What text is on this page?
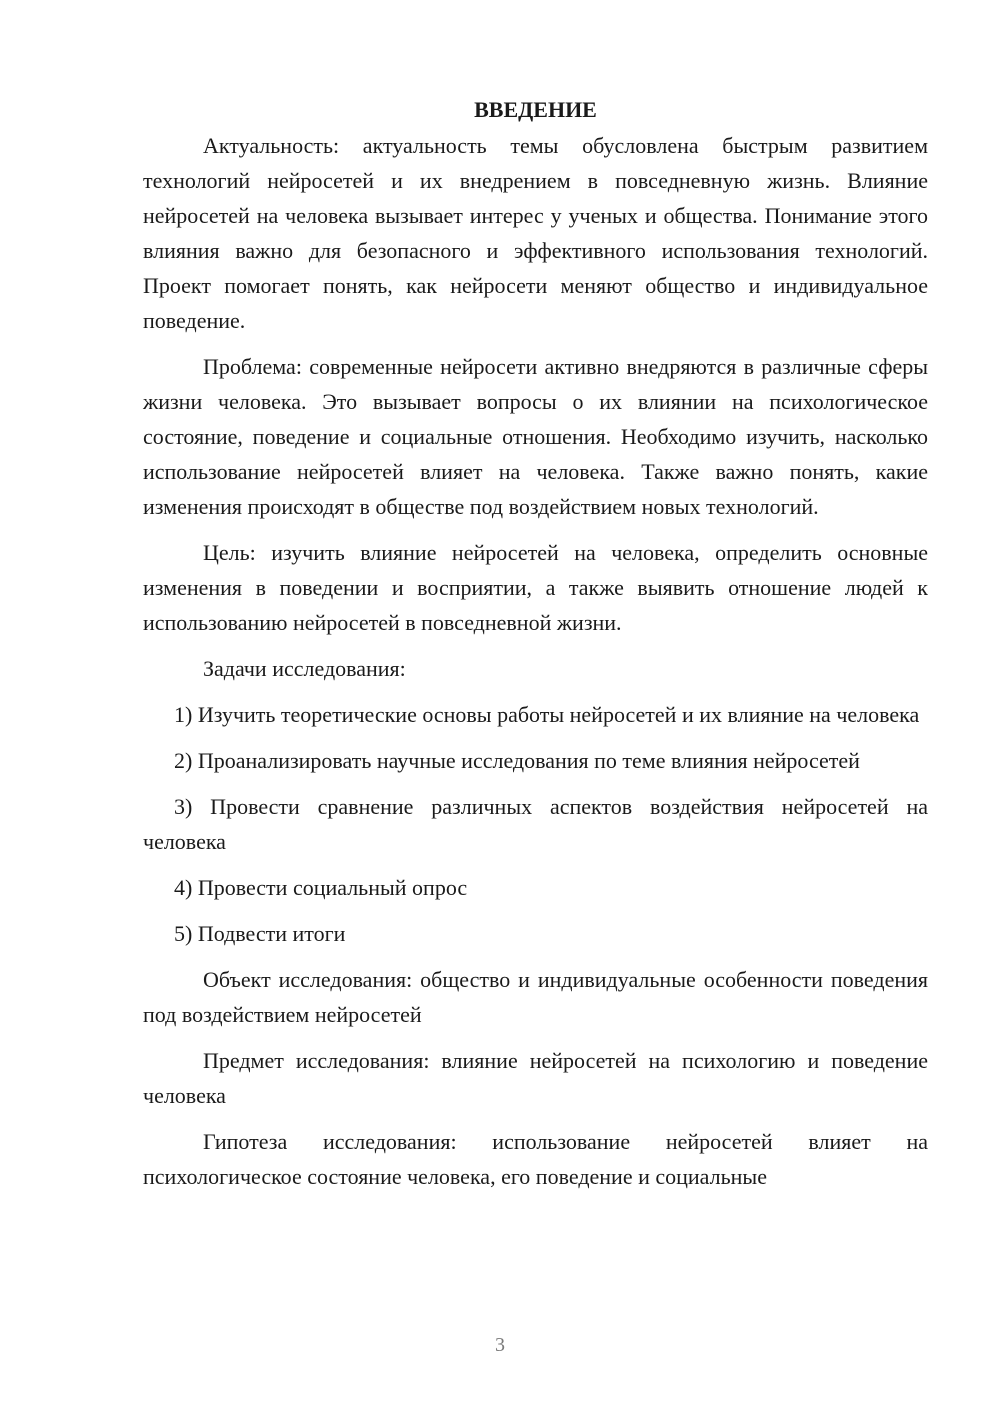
ВВЕДЕНИЕ

Актуальность: актуальность темы обусловлена быстрым развитием технологий нейросетей и их внедрением в повседневную жизнь. Влияние нейросетей на человека вызывает интерес у ученых и общества. Понимание этого влияния важно для безопасного и эффективного использования технологий. Проект помогает понять, как нейросети меняют общество и индивидуальное поведение.

Проблема: современные нейросети активно внедряются в различные сферы жизни человека. Это вызывает вопросы о их влиянии на психологическое состояние, поведение и социальные отношения. Необходимо изучить, насколько использование нейросетей влияет на человека. Также важно понять, какие изменения происходят в обществе под воздействием новых технологий.

Цель: изучить влияние нейросетей на человека, определить основные изменения в поведении и восприятии, а также выявить отношение людей к использованию нейросетей в повседневной жизни.

Задачи исследования:

1) Изучить теоретические основы работы нейросетей и их влияние на человека

2) Проанализировать научные исследования по теме влияния нейросетей

3) Провести сравнение различных аспектов воздействия нейросетей на человека

4) Провести социальный опрос

5) Подвести итоги

Объект исследования: общество и индивидуальные особенности поведения под воздействием нейросетей

Предмет исследования: влияние нейросетей на психологию и поведение человека

Гипотеза исследования: использование нейросетей влияет на психологическое состояние человека, его поведение и социальные

3
